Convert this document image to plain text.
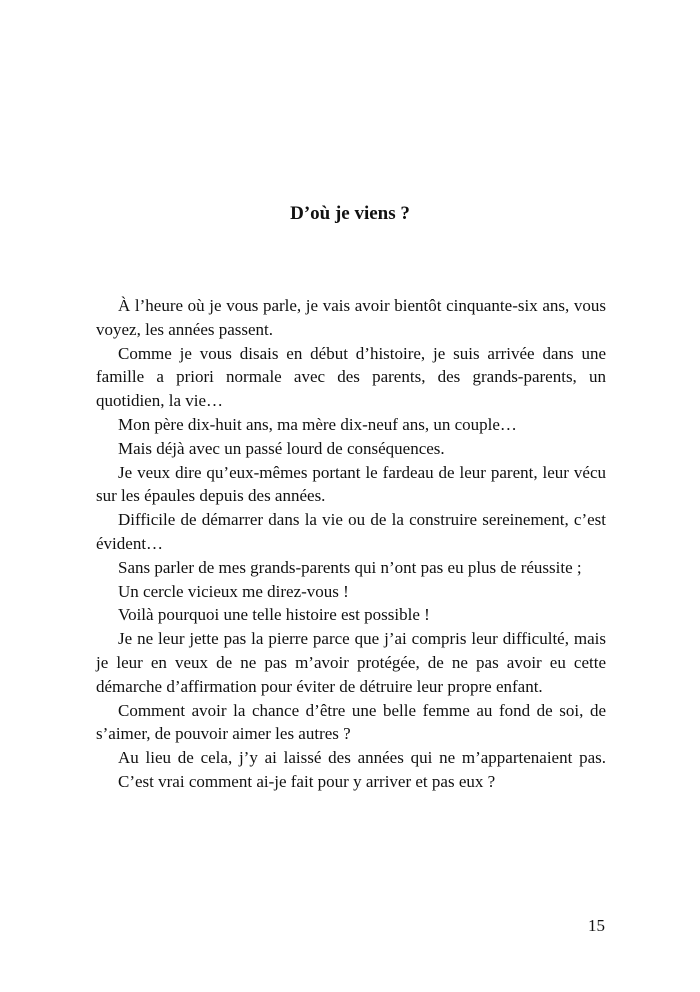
D’où je viens ?

À l’heure où je vous parle, je vais avoir bientôt cinquante-six ans, vous voyez, les années passent.

Comme je vous disais en début d’histoire, je suis arrivée dans une famille a priori normale avec des parents, des grands-parents, un quotidien, la vie…

Mon père dix-huit ans, ma mère dix-neuf ans, un couple…

Mais déjà avec un passé lourd de conséquences.

Je veux dire qu’eux-mêmes portant le fardeau de leur parent, leur vécu sur les épaules depuis des années.

Difficile de démarrer dans la vie ou de la construire sereinement, c’est évident…

Sans parler de mes grands-parents qui n’ont pas eu plus de réussite ;

Un cercle vicieux me direz-vous !

Voilà pourquoi une telle histoire est possible !

Je ne leur jette pas la pierre parce que j’ai compris leur difficulté, mais je leur en veux de ne pas m’avoir protégée, de ne pas avoir eu cette démarche d’affirmation pour éviter de détruire leur propre enfant.

Comment avoir la chance d’être une belle femme au fond de soi, de s’aimer, de pouvoir aimer les autres ?

Au lieu de cela, j’y ai laissé des années qui ne m’appartenaient pas.

C’est vrai comment ai-je fait pour y arriver et pas eux ?

15
